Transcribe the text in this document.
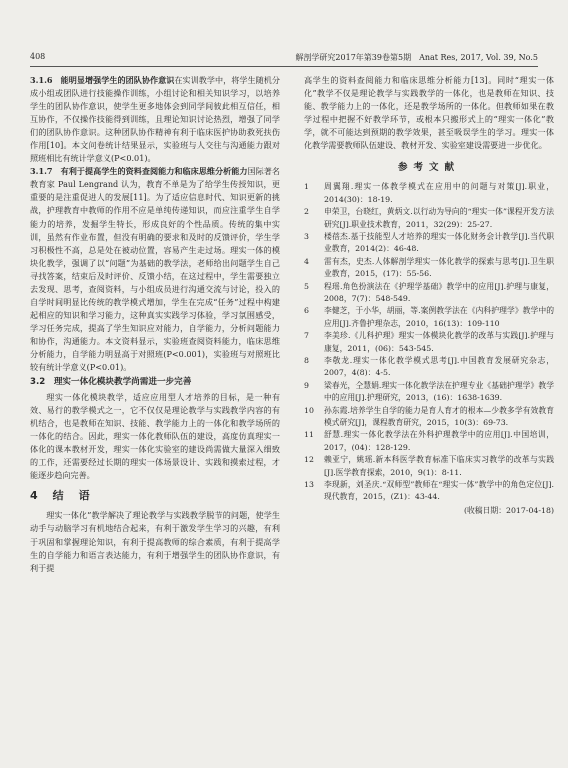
408	解剖学研究2017年第39卷第5期　Anat Res, 2017, Vol. 39, No.5

3.1.6　能明显增强学生的团队协作意识在实训教学中，将学生随机分成小组或团队进行技能操作训练，小组讨论和相关知识学习，以培养学生的团队协作意识，使学生更多地体会到同学间彼此相互信任，相互协作，不仅操作技能得到训练，且理论知识讨论热烈，增强了同学们的团队协作意识。这种团队协作精神有利于临床医护协助救死扶伤作用[10]。本文问卷统计结果显示，实验班与人交往与沟通能力跟对照班相比有统计学意义(P<0.01)。

3.1.7　有利于提高学生的资料查阅能力和临床思维分析能力国际著名教育家 Paul Lengrand 认为，教育不单是为了给学生传授知识，更重要的是注重促进人的发展[11]。为了适应信息时代、知识更新的挑战，护理教育中教师的作用不应是单纯传递知识，而应注重学生自学能力的培养，发掘学生特长，形成良好的个性品质。传统的集中实训，虽然有作业布置，但没有明确的要求和及时的反馈评价，学生学习积极性不高，总是处在被动位置，容易产生走过场。理实一体的模块化教学，强调了以“问题”为基础的教学法，老师给出问题学生自己寻找答案，结束后及时评价、反馈小结，在这过程中，学生需要独立去发现、思考，查阅资料，与小组成员进行沟通交流与讨论，投入的自学时间明显比传统的教学模式增加，学生在完成“任务”过程中构建起相应的知识和学习能力，这种真实实践学习体验，学习氛围感受，学习任务完成，提高了学生知识应对能力，自学能力，分析问题能力和协作，沟通能力。本文资料显示，实验班查阅资料能力，临床思维分析能力，自学能力明显高于对照班(P<0.001)，实验班与对照班比较有统计学意义(P<0.01)。

3.2　理实一体化模块教学尚需进一步完善

理实一体化模块教学，适应应用型人才培养的目标，是一种有效、易行的教学模式之一，它不仅仅是理论教学与实践教学内容的有机结合，也是教师在知识、技能、教学能力上的一体化和教学场所的一体化的结合。因此，理实一体化教师队伍的建设，高度仿真理实一体化的课本教材开发，理实一体化实验室的建设尚需做大量深入细致的工作，还需要经过长期的理实一体场景设计、实践和摸索过程，才能逐步趋向完善。

4　结　语

理实一体化”教学解决了理论教学与实践教学脱节的问题，使学生动手与动脑学习有机地结合起来，有利于激发学生学习的兴趣，有利于巩固和掌握理论知识，有利于提高教师的综合素质，有利于提高学生的自学能力和语言表达能力，有利于增强学生的团队协作意识，有利于提

高学生的资料查阅能力和临床思维分析能力[13]。同时“理实一体化”教学不仅是理论教学与实践教学的一体化，也是教师在知识、技能、教学能力上的一体化，还是教学场所的一体化。但教师如果在教学过程中把握不好教学环节，或根本只搬形式上的“理实一体化”教学，就不可能达到预期的教学效果，甚至吸误学生的学习。理实一体化教学需要教师队伍建设、教材开发、实验室建设需要进一步优化。

参考文献
1	周翼翔.理实一体教学模式在应用中的问题与对策[J].职业，2014(30)：18-19.
2	申荣卫，台晓红，黄炳文.以行动为导向的“理实一体”课程开发方法研究[J].职业技术教育，2011，32(29)：25-27.
3	楼蓓杰.基于技能型人才培养的理实一体化财务会计教学[J].当代职业教育，2014(2)：46-48.
4	雷有杰，史杰.人体解剖学理实一体化教学的探索与思考[J].卫生职业教育，2015，(17)：55-56.
5	程瑶.角色扮演法在《护理学基础》教学中的应用[J].护理与康复，2008，7(7)：548-549.
6	李健芝，于小华，胡丽，等.案例教学法在《内科护理学》教学中的应用[J].齐鲁护理杂志，2010，16(13)：109-110
7	李美珍.《儿科护理》理实一体模块化教学的改革与实践[J].护理与康复，2011，(06)：543-545.
8	李敬龙.理实一体化教学模式思考[J].中国教育发展研究杂志，2007，4(8)：4-5.
9	梁春光，仝慧娟.理实一体化教学法在护理专业《基础护理学》教学中的应用[J].护理研究，2013，(16)：1638-1639.
10	孙东霞.培养学生自学的能力是育人育才的根本—少教多学有效教育模式研究[J]，课程教育研究，2015，10(3)：69-73.
11	舒慧.理实一体化教学法在外科护理教学中的应用[J].中国培训，2017，(04)：128-129.
12	赖亚宁，姚瑶.新本科医学教育标准下临床实习教学的改革与实践[J].医学教育探索，2010，9(1)：8-11.
13	李现新，刘圣庆.“双师型”教师在“理实一体”教学中的角色定位[J].现代教育，2015，(Z1)：43-44.
(收稿日期：2017-04-18)
